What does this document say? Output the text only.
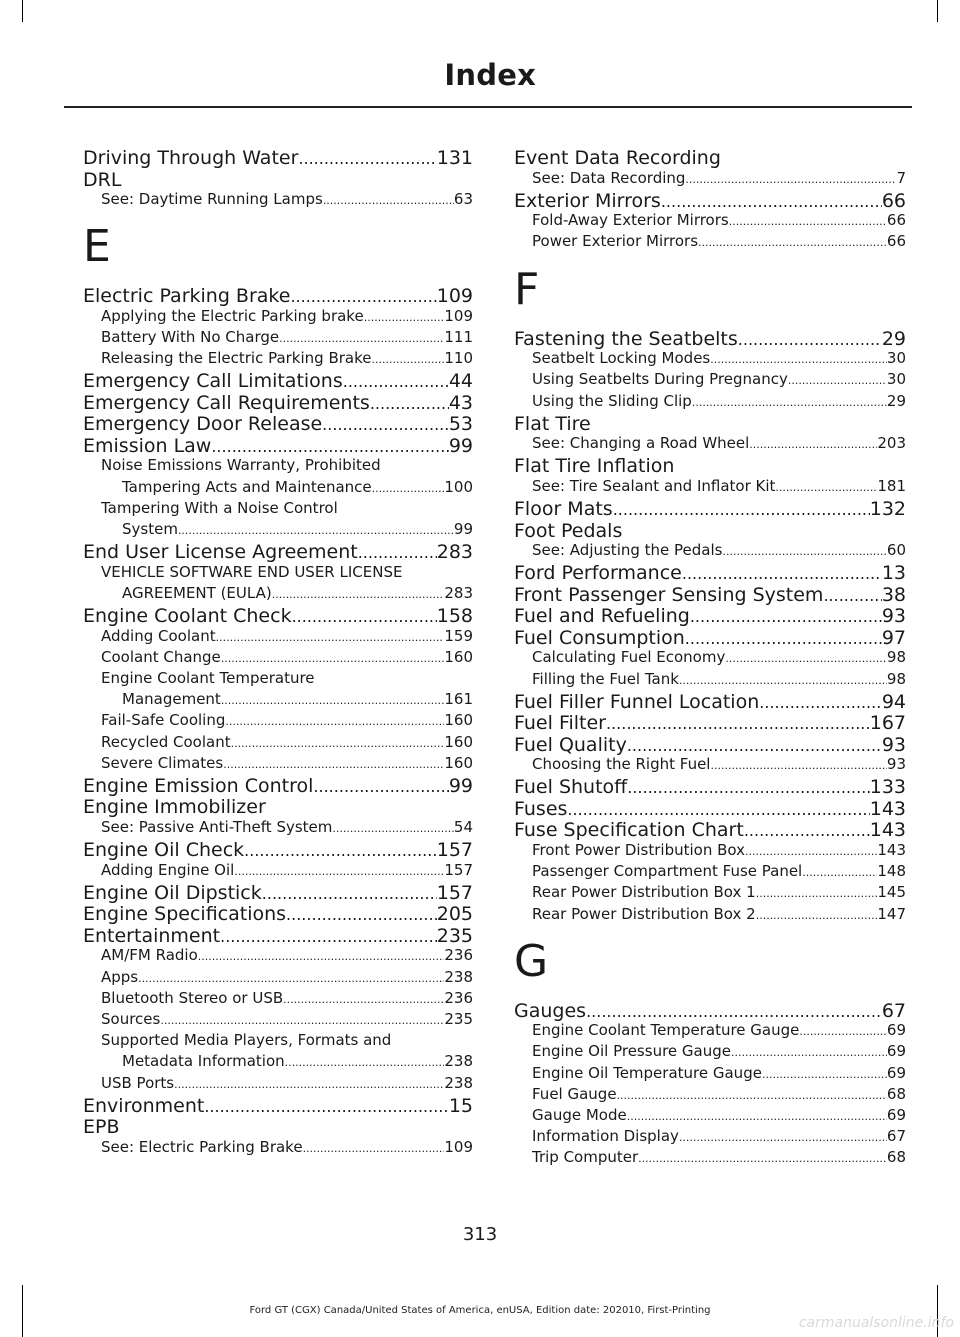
Index
Driving Through Water .....	131
DRL
See: Daytime Running Lamps .....	63
E
Electric Parking Brake .....	109
Applying the Electric Parking brake .....	109
Battery With No Charge .....	111
Releasing the Electric Parking Brake .....	110
Emergency Call Limitations .....	44
Emergency Call Requirements .....	43
Emergency Door Release .....	53
Emission Law .....	99
Noise Emissions Warranty, Prohibited
Tampering Acts and Maintenance .....	100
Tampering With a Noise Control
System .....	99
End User License Agreement .....	283
VEHICLE SOFTWARE END USER LICENSE
AGREEMENT (EULA) .....	283
Engine Coolant Check .....	158
Adding Coolant .....	159
Coolant Change .....	160
Engine Coolant Temperature
Management .....	161
Fail-Safe Cooling .....	160
Recycled Coolant .....	160
Severe Climates .....	160
Engine Emission Control .....	99
Engine Immobilizer
See: Passive Anti-Theft System .....	54
Engine Oil Check .....	157
Adding Engine Oil .....	157
Engine Oil Dipstick .....	157
Engine Specifications .....	205
Entertainment .....	235
AM/FM Radio .....	236
Apps .....	238
Bluetooth Stereo or USB .....	236
Sources .....	235
Supported Media Players, Formats and
Metadata Information .....	238
USB Ports .....	238
Environment .....	15
EPB
See: Electric Parking Brake .....	109
Event Data Recording
See: Data Recording .....	7
Exterior Mirrors .....	66
Fold-Away Exterior Mirrors .....	66
Power Exterior Mirrors .....	66
F
Fastening the Seatbelts .....	29
Seatbelt Locking Modes .....	30
Using Seatbelts During Pregnancy .....	30
Using the Sliding Clip .....	29
Flat Tire
See: Changing a Road Wheel .....	203
Flat Tire Inflation
See: Tire Sealant and Inflator Kit .....	181
Floor Mats .....	132
Foot Pedals
See: Adjusting the Pedals .....	60
Ford Performance .....	13
Front Passenger Sensing System .....	38
Fuel and Refueling .....	93
Fuel Consumption .....	97
Calculating Fuel Economy .....	98
Filling the Fuel Tank .....	98
Fuel Filler Funnel Location .....	94
Fuel Filter .....	167
Fuel Quality .....	93
Choosing the Right Fuel .....	93
Fuel Shutoff .....	133
Fuses .....	143
Fuse Specification Chart .....	143
Front Power Distribution Box .....	143
Passenger Compartment Fuse Panel .....	148
Rear Power Distribution Box 1 .....	145
Rear Power Distribution Box 2 .....	147
G
Gauges .....	67
Engine Coolant Temperature Gauge .....	69
Engine Oil Pressure Gauge .....	69
Engine Oil Temperature Gauge .....	69
Fuel Gauge .....	68
Gauge Mode .....	69
Information Display .....	67
Trip Computer .....	68
313
Ford GT (CGX) Canada/United States of America, enUSA, Edition date: 202010, First-Printing
carmanualsonline.info
